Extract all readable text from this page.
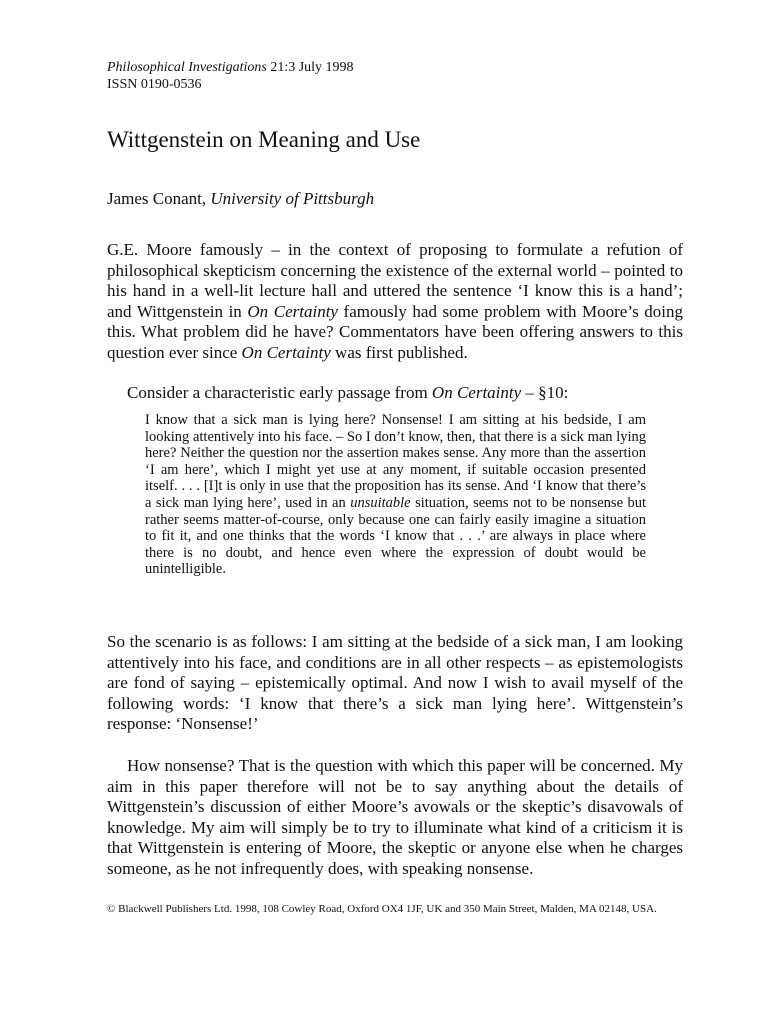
Philosophical Investigations 21:3 July 1998
ISSN 0190-0536
Wittgenstein on Meaning and Use
James Conant, University of Pittsburgh

G.E. Moore famously – in the context of proposing to formulate a refution of philosophical skepticism concerning the existence of the external world – pointed to his hand in a well-lit lecture hall and uttered the sentence ‘I know this is a hand’; and Wittgenstein in On Certainty famously had some problem with Moore’s doing this. What problem did he have? Commentators have been offering answers to this question ever since On Certainty was first published.

Consider a characteristic early passage from On Certainty – §10:

I know that a sick man is lying here? Nonsense! I am sitting at his bedside, I am looking attentively into his face. – So I don’t know, then, that there is a sick man lying here? Neither the question nor the assertion makes sense. Any more than the assertion ‘I am here’, which I might yet use at any moment, if suitable occasion presented itself. . . . [I]t is only in use that the proposition has its sense. And ‘I know that there’s a sick man lying here’, used in an unsuitable situation, seems not to be nonsense but rather seems matter-of-course, only because one can fairly easily imagine a situation to fit it, and one thinks that the words ‘I know that . . .’ are always in place where there is no doubt, and hence even where the expression of doubt would be unintelligible.

So the scenario is as follows: I am sitting at the bedside of a sick man, I am looking attentively into his face, and conditions are in all other respects – as epistemologists are fond of saying – epistemically optimal. And now I wish to avail myself of the following words: ‘I know that there’s a sick man lying here’. Wittgenstein’s response: ‘Nonsense!’

How nonsense? That is the question with which this paper will be concerned. My aim in this paper therefore will not be to say anything about the details of Wittgenstein’s discussion of either Moore’s avowals or the skeptic’s disavowals of knowledge. My aim will simply be to try to illuminate what kind of a criticism it is that Wittgenstein is entering of Moore, the skeptic or anyone else when he charges someone, as he not infrequently does, with speaking nonsense.

© Blackwell Publishers Ltd. 1998, 108 Cowley Road, Oxford OX4 1JF, UK and 350 Main Street, Malden, MA 02148, USA.
